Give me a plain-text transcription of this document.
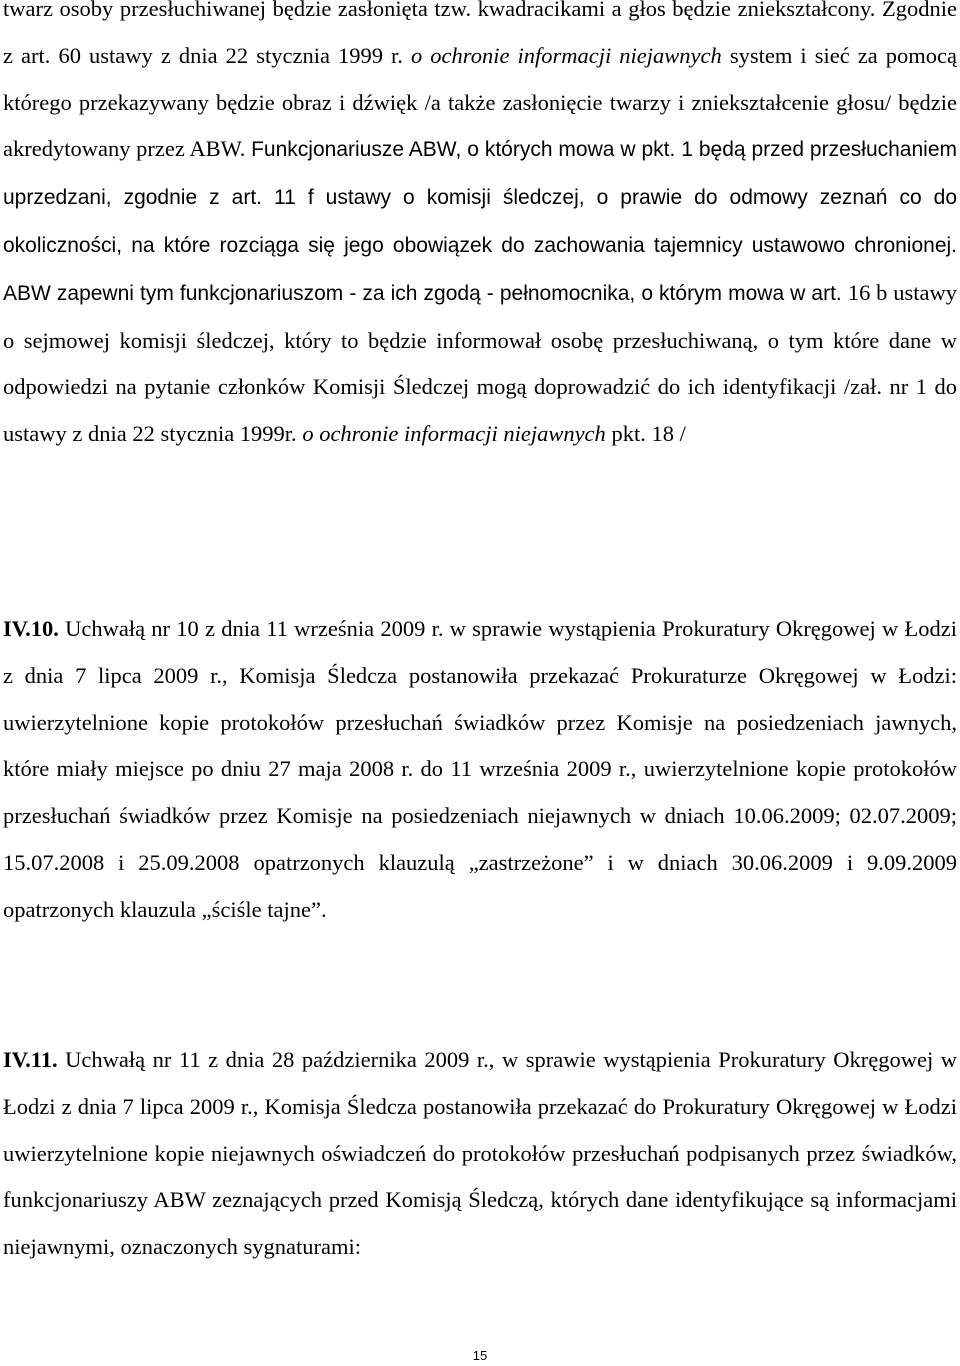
twarz osoby przesłuchiwanej będzie zasłonięta tzw. kwadracikami a głos będzie zniekształcony. Zgodnie z art. 60 ustawy z dnia 22 stycznia 1999 r. o ochronie informacji niejawnych system i sieć za pomocą którego przekazywany będzie obraz i dźwięk /a także zasłonięcie twarzy i zniekształcenie głosu/ będzie akredytowany przez ABW. Funkcjonariusze ABW, o których mowa w pkt. 1 będą przed przesłuchaniem uprzedzani, zgodnie z art. 11 f ustawy o komisji śledczej, o prawie do odmowy zeznań co do okoliczności, na które rozciąga się jego obowiązek do zachowania tajemnicy ustawowo chronionej. ABW zapewni tym funkcjonariuszom - za ich zgodą - pełnomocnika, o którym mowa w art. 16 b ustawy o sejmowej komisji śledczej, który to będzie informował osobę przesłuchiwaną, o tym które dane w odpowiedzi na pytanie członków Komisji Śledczej mogą doprowadzić do ich identyfikacji /zał. nr 1 do ustawy z dnia 22 stycznia 1999r. o ochronie informacji niejawnych pkt. 18 /

IV.10. Uchwałą nr 10 z dnia 11 września 2009 r. w sprawie wystąpienia Prokuratury Okręgowej w Łodzi z dnia 7 lipca 2009 r., Komisja Śledcza postanowiła przekazać Prokuraturze Okręgowej w Łodzi: uwierzytelnione kopie protokołów przesłuchań świadków przez Komisje na posiedzeniach jawnych, które miały miejsce po dniu 27 maja 2008 r. do 11 września 2009 r., uwierzytelnione kopie protokołów przesłuchań świadków przez Komisje na posiedzeniach niejawnych w dniach 10.06.2009; 02.07.2009; 15.07.2008 i 25.09.2008 opatrzonych klauzulą „zastrzeżone” i w dniach 30.06.2009 i 9.09.2009 opatrzonych klauzula „ściśle tajne”.

IV.11. Uchwałą nr 11 z dnia 28 października 2009 r., w sprawie wystąpienia Prokuratury Okręgowej w Łodzi z dnia 7 lipca 2009 r., Komisja Śledcza postanowiła przekazać do Prokuratury Okręgowej w Łodzi uwierzytelnione kopie niejawnych oświadczeń do protokołów przesłuchań podpisanych przez świadków, funkcjonariuszy ABW zeznających przed Komisją Śledczą, których dane identyfikujące są informacjami niejawnymi, oznaczonych sygnaturami:

15
